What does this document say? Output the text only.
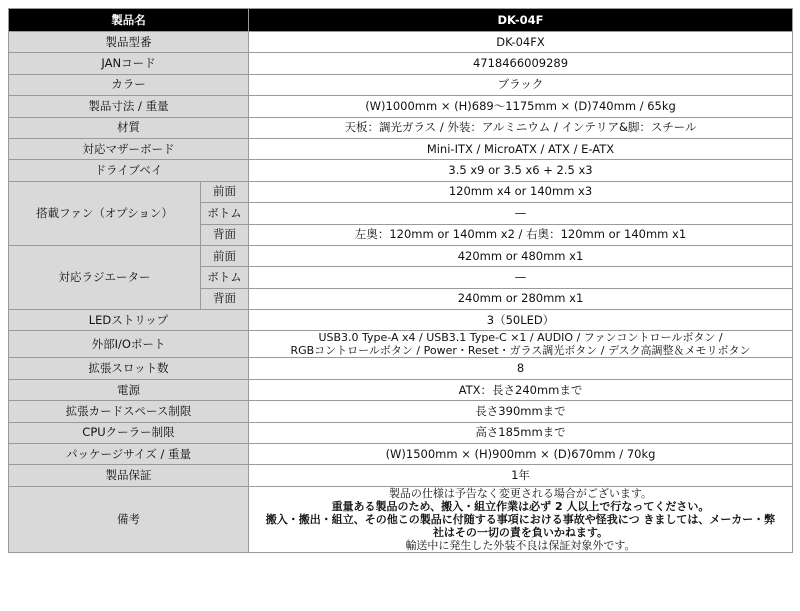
製品名		DK-04F
製品型番		DK-04FX
JANコード		4718466009289
カラー		ブラック
製品寸法 / 重量		(W)1000mm × (H)689～1175mm × (D)740mm / 65kg
材質		天板：調光ガラス / 外装：アルミニウム / インテリア&脚：スチール
対応マザーボード		Mini-ITX / MicroATX / ATX / E-ATX
ドライブベイ		3.5 x9 or 3.5 x6 + 2.5 x3
搭載ファン（オプション）	前面	120mm x4 or 140mm x3
	ボトム	—
	背面	左奥：120mm or 140mm x2 / 右奥：120mm or 140mm x1
対応ラジエーター	前面	420mm or 480mm x1
	ボトム	—
	背面	240mm or 280mm x1
LEDストリップ		3（50LED）
外部I/Oポート		USB3.0 Type-A x4 / USB3.1 Type-C ×1 / AUDIO / ファンコントロールボタン /
RGBコントロールボタン / Power・Reset・ガラス調光ボタン / デスク高調整＆メモリボタン

拡張スロット数		8
電源		ATX：長さ240mmまで
拡張カードスペース制限		長さ390mmまで
CPUクーラー制限		高さ185mmまで
パッケージサイズ / 重量		(W)1500mm × (H)900mm × (D)670mm / 70kg
製品保証		1年
備考		製品の仕様は予告なく変更される場合がございます。
重量ある製品のため、搬入・組立作業は必ず 2 人以上で行なってください。
搬入・搬出・組立、その他この製品に付随する事項における事故や怪我につ きましては、メーカー・弊
社はその一切の責を負いかねます。
輸送中に発生した外装不良は保証対象外です。
